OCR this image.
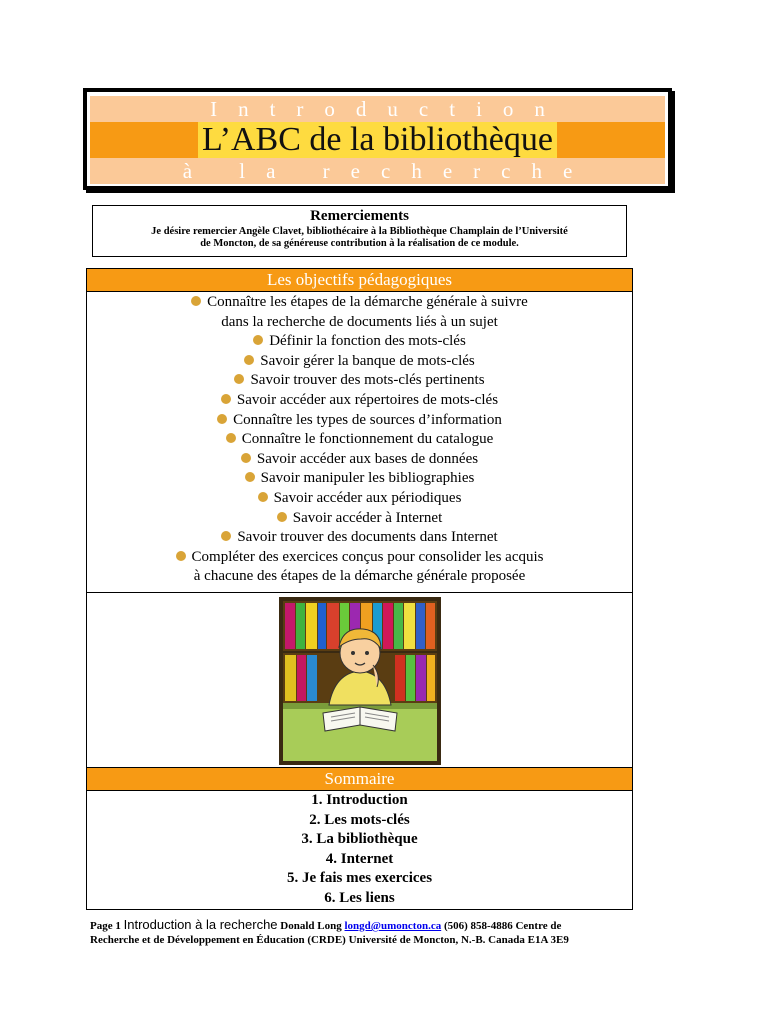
Introduction
L’ABC de la bibliothèque
à la recherche
Remerciements
Je désire remercier Angèle Clavet, bibliothécaire à la Bibliothèque Champlain de l’Université
de Moncton, de sa généreuse contribution à la réalisation de ce module.
Les objectifs pédagogiques
Connaître les étapes de la démarche générale à suivre
dans la recherche de documents liés à un sujet
Définir la fonction des mots-clés
Savoir gérer la banque de mots-clés
Savoir trouver des mots-clés pertinents
Savoir accéder aux répertoires de mots-clés
Connaître les types de sources d’information
Connaître le fonctionnement du catalogue
Savoir accéder aux bases de données
Savoir manipuler les bibliographies
Savoir accéder aux périodiques
Savoir accéder à Internet
Savoir trouver des documents dans Internet
Compléter des exercices conçus pour consolider les acquis
à chacune des étapes de la démarche générale proposée
Sommaire
1. Introduction
2. Les mots-clés
3. La bibliothèque
4. Internet
5. Je fais mes exercices
6. Les liens
Page 1 Introduction à la recherche Donald Long longd@umoncton.ca (506) 858-4886 Centre de
Recherche et de Développement en Éducation (CRDE) Université de Moncton, N.-B. Canada E1A 3E9
